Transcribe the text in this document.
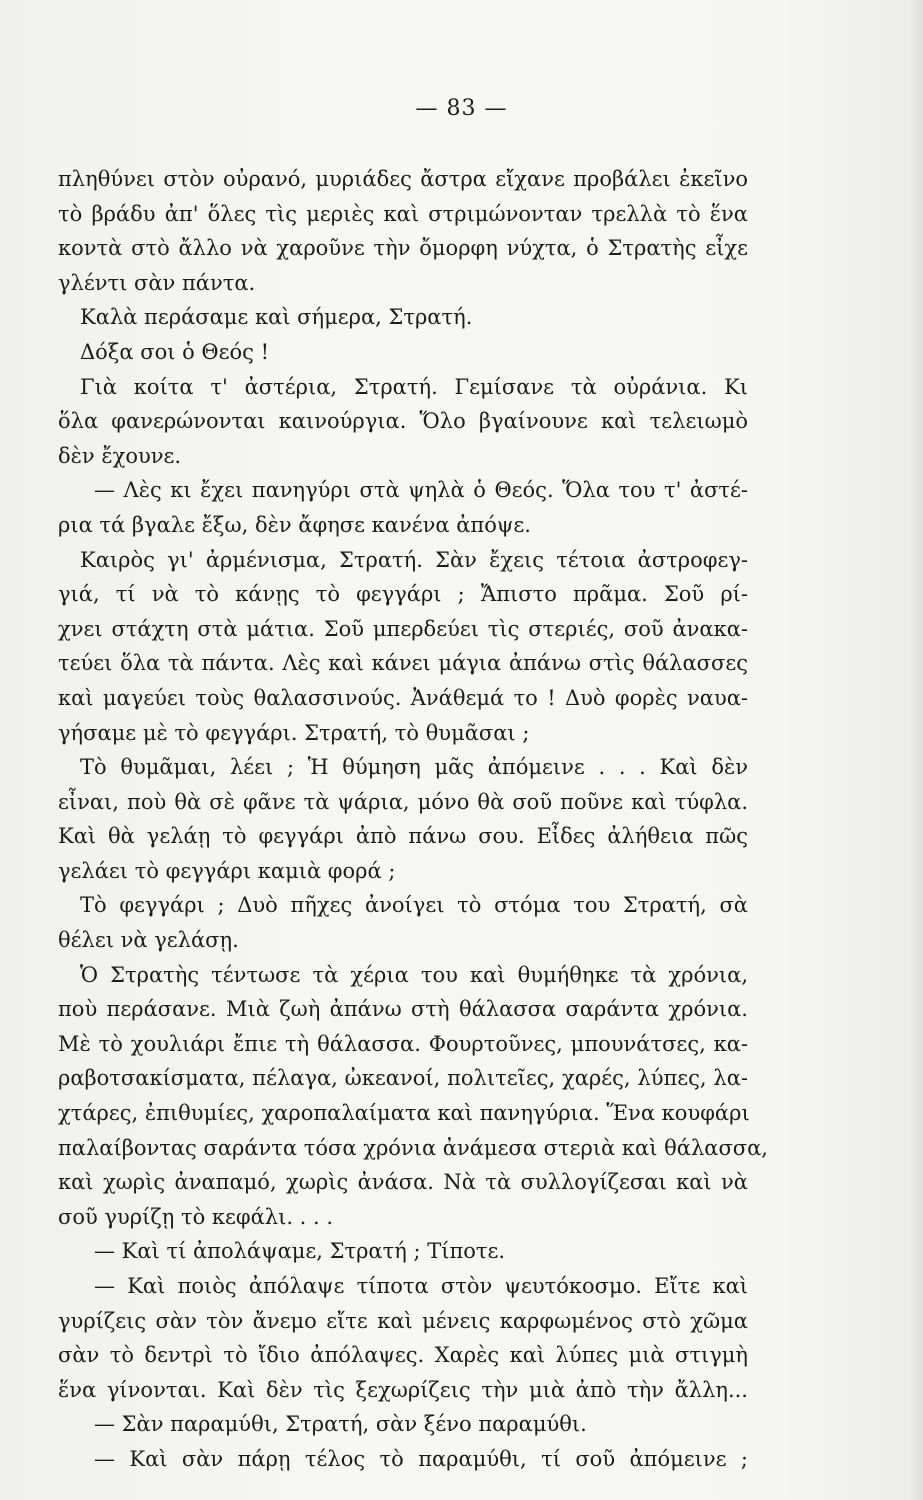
— 83 —
πληθύνει στὸν οὐρανό, μυριάδες ἄστρα εἴχανε προβάλει ἐκεῖνο
τὸ βράδυ ἀπ' ὅλες τὶς μεριὲς καὶ στριμώνονταν τρελλὰ τὸ ἕνα
κοντὰ στὸ ἄλλο νὰ χαροῦνε τὴν ὄμορφη νύχτα, ὁ Στρατὴς εἶχε
γλέντι σὰν πάντα.
Καλὰ περάσαμε καὶ σήμερα, Στρατή.
Δόξα σοι ὁ Θεός !
Γιὰ κοίτα τ' ἀστέρια, Στρατή. Γεμίσανε τὰ οὐράνια. Κι
ὅλα φανερώνονται καινούργια. Ὅλο βγαίνουνε καὶ τελειωμὸ
δὲν ἔχουνε.
— Λὲς κι ἔχει πανηγύρι στὰ ψηλὰ ὁ Θεός. Ὅλα του τ' ἀστέ-
ρια τά βγαλε ἔξω, δὲν ἄφησε κανένα ἀπόψε.
Καιρὸς γι' ἀρμένισμα, Στρατή. Σὰν ἔχεις τέτοια ἀστροφεγ-
γιά, τί νὰ τὸ κάνῃς τὸ φεγγάρι ; Ἄπιστο πρᾶμα. Σοῦ ρί-
χνει στάχτη στὰ μάτια. Σοῦ μπερδεύει τὶς στεριές, σοῦ ἀνακα-
τεύει ὅλα τὰ πάντα. Λὲς καὶ κάνει μάγια ἀπάνω στὶς θάλασσες
καὶ μαγεύει τοὺς θαλασσινούς. Ἀνάθεμά το ! Δυὸ φορὲς ναυα-
γήσαμε μὲ τὸ φεγγάρι. Στρατή, τὸ θυμᾶσαι ;
Τὸ θυμᾶμαι, λέει ; Ἡ θύμηση μᾶς ἀπόμεινε . . . Καὶ δὲν
εἶναι, ποὺ θὰ σὲ φᾶνε τὰ ψάρια, μόνο θὰ σοῦ ποῦνε καὶ τύφλα.
Καὶ θὰ γελάῃ τὸ φεγγάρι ἀπὸ πάνω σου. Εἶδες ἀλήθεια πῶς
γελάει τὸ φεγγάρι καμιὰ φορά ;
Τὸ φεγγάρι ; Δυὸ πῆχες ἀνοίγει τὸ στόμα του Στρατή, σὰ
θέλει νὰ γελάσῃ.
Ὁ Στρατὴς τέντωσε τὰ χέρια του καὶ θυμήθηκε τὰ χρόνια,
ποὺ περάσανε. Μιὰ ζωὴ ἀπάνω στὴ θάλασσα σαράντα χρόνια.
Μὲ τὸ χουλιάρι ἔπιε τὴ θάλασσα. Φουρτοῦνες, μπουνάτσες, κα-
ραβοτσακίσματα, πέλαγα, ὠκεανοί, πολιτεῖες, χαρές, λύπες, λα-
χτάρες, ἐπιθυμίες, χαροπαλαίματα καὶ πανηγύρια. Ἕνα κουφάρι
παλαίβοντας σαράντα τόσα χρόνια ἀνάμεσα στεριὰ καὶ θάλασσα,
καὶ χωρὶς ἀναπαμό, χωρὶς ἀνάσα. Νὰ τὰ συλλογίζεσαι καὶ νὰ
σοῦ γυρίζῃ τὸ κεφάλι. . . .
— Καὶ τί ἀπολάψαμε, Στρατή ; Τίποτε.
— Καὶ ποιὸς ἀπόλαψε τίποτα στὸν ψευτόκοσμο. Εἴτε καὶ
γυρίζεις σὰν τὸν ἄνεμο εἴτε καὶ μένεις καρφωμένος στὸ χῶμα
σὰν τὸ δεντρὶ τὸ ἴδιο ἀπόλαψες. Χαρὲς καὶ λύπες μιὰ στιγμὴ
ἕνα γίνονται. Καὶ δὲν τὶς ξεχωρίζεις τὴν μιὰ ἀπὸ τὴν ἄλλη...
— Σὰν παραμύθι, Στρατή, σὰν ξένο παραμύθι.
— Καὶ σὰν πάρῃ τέλος τὸ παραμύθι, τί σοῦ ἀπόμεινε ;
